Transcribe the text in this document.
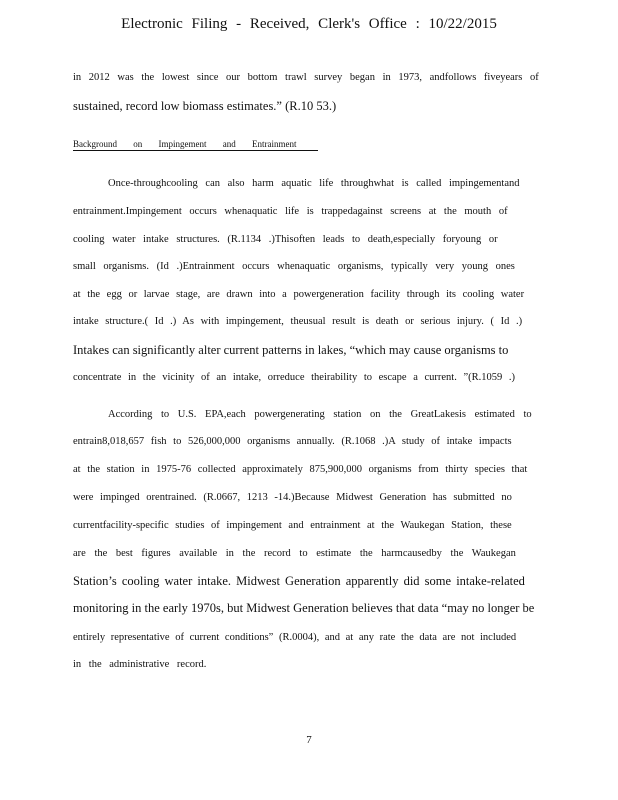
Electronic Filing - Received, Clerk's Office : 10/22/2015
in 2012 was the lowest since our bottom trawl survey began in 1973, andfollows fiveyears of
sustained, record low biomass estimates.” (R.10 53.)
Background on Impingement and Entrainment
Once-throughcooling can also harm aquatic life throughwhat is called impingementand
entrainment.Impingement occurs whenaquatic life is trappedagainst screens at the mouth of
cooling water intake structures. (R.1134 .)Thisoften leads to death,especially foryoung or
small organisms. (Id .)Entrainment occurs whenaquatic organisms, typically very young ones
at the egg or larvae stage, are drawn into a powergeneration facility through its cooling water
intake structure.( Id .) As with impingement, theusual result is death or serious injury. ( Id .)
Intakes can significantly alter current patterns in lakes, “which may cause organisms to
concentrate in the vicinity of an intake, orreduce theirability to escape a current. ”(R.1059 .)
According to U.S. EPA,each powergenerating station on the GreatLakesis estimated to
entrain8,018,657 fish to 526,000,000 organisms annually. (R.1068 .)A study of intake impacts
at the station in 1975-76 collected approximately 875,900,000 organisms from thirty species that
were impinged orentrained. (R.0667, 1213 -14.)Because Midwest Generation has submitted no
currentfacility-specific studies of impingement and entrainment at the Waukegan Station, these
are the best figures available in the record to estimate the harmcausedby the Waukegan
Station’s cooling water intake. Midwest Generation apparently did some intake-related
monitoring in the early 1970s, but Midwest Generation believes that data “may no longer be
entirely representative of current conditions” (R.0004), and at any rate the data are not included
in the administrative record.
7
